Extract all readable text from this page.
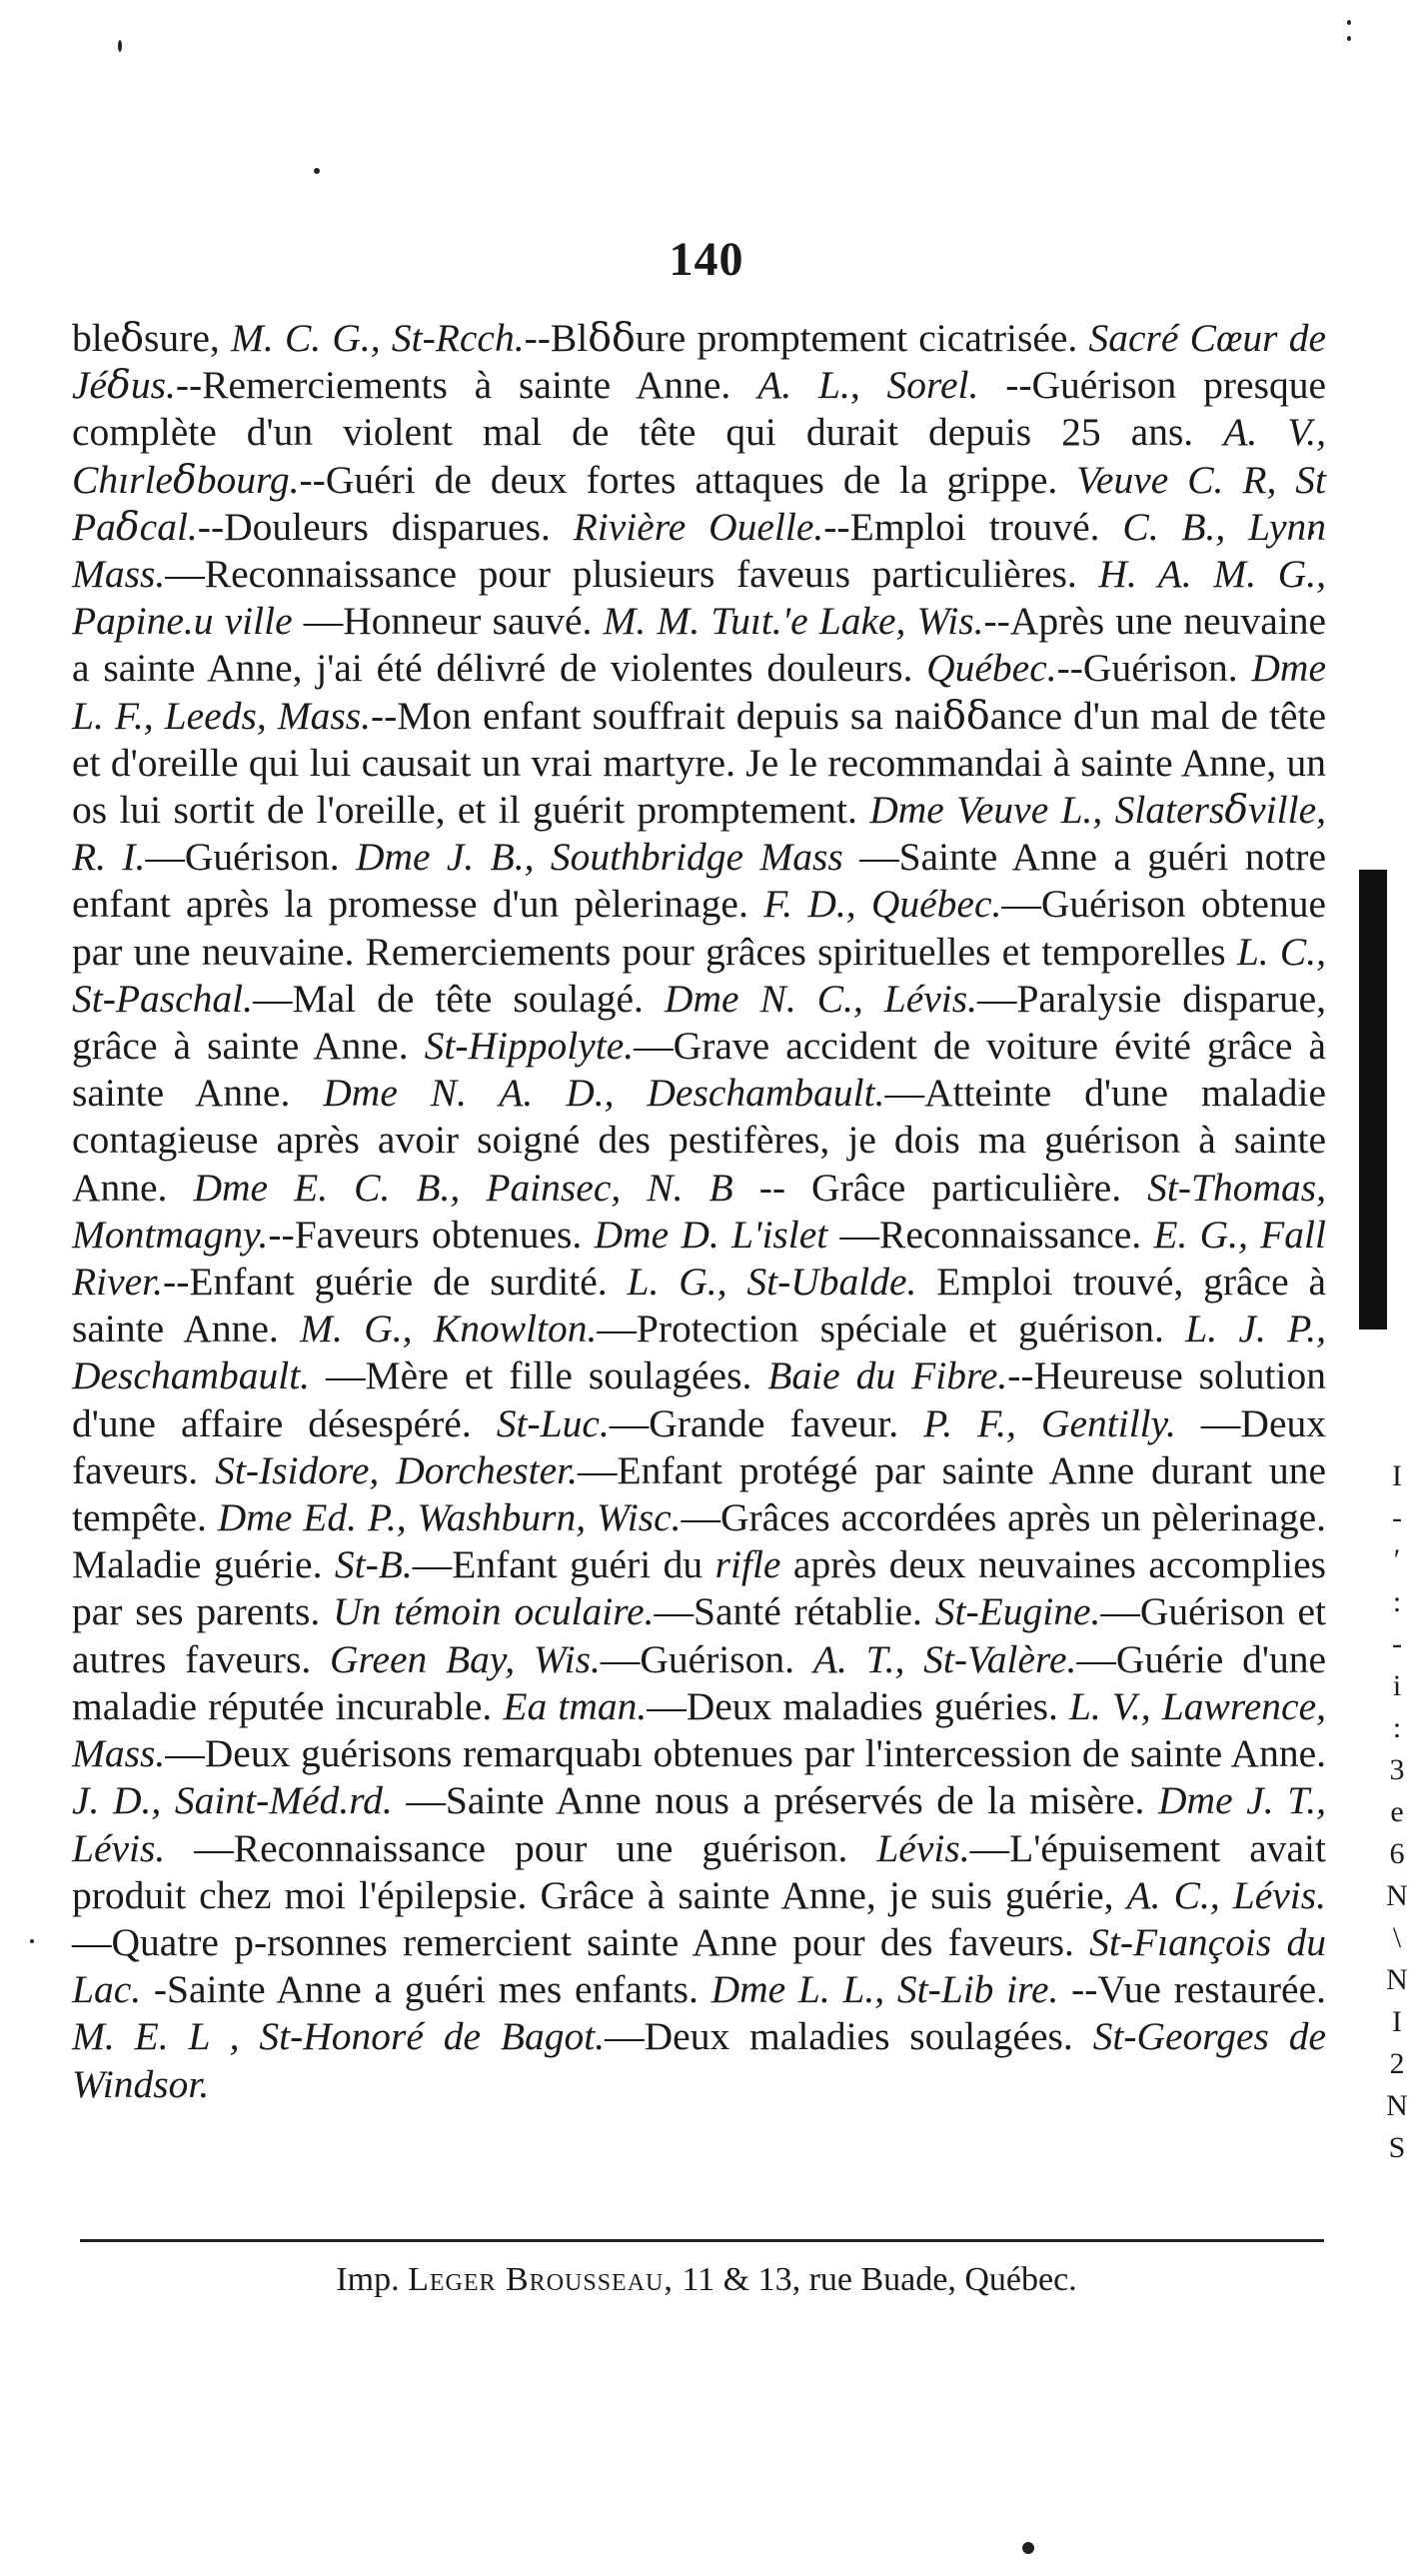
140

bleẟsure, M. C. G., St-Rcch.--Blẟẟure promptement cicatrisée. Sacré Cœur de Jéẟus.--Remerciements à sainte Anne. A. L., Sorel. --Guérison presque complète d'un violent mal de tête qui durait depuis 25 ans. A. V., Chırleẟbourg.--Guéri de deux fortes attaques de la grippe. Veuve C. R, St Paẟcal.--Douleurs disparues. Rivière Ouelle.--Emploi trouvé. C. B., Lynn Mass.—Reconnaissance pour plusieurs faveuıs particulières. H. A. M. G., Papine.u ville —Honneur sauvé. M. M. Tuıt.'e Lake, Wis.--Après une neuvaine a sainte Anne, j'ai été délivré de violentes douleurs. Québec.--Guérison. Dme L. F., Leeds, Mass.--Mon enfant souffrait depuis sa naiẟẟance d'un mal de tête et d'oreille qui lui causait un vrai martyre. Je le recommandai à sainte Anne, un os lui sortit de l'oreille, et il guérit promptement. Dme Veuve L., Slatersẟville, R. I.—Guérison. Dme J. B., Southbridge Mass —Sainte Anne a guéri notre enfant après la promesse d'un pèlerinage. F. D., Québec.—Guérison obtenue par une neuvaine. Remerciements pour grâces spirituelles et temporelles L. C., St-Paschal.—Mal de tête soulagé. Dme N. C., Lévis.—Paralysie disparue, grâce à sainte Anne. St-Hippolyte.—Grave accident de voiture évité grâce à sainte Anne. Dme N. A. D., Deschambault.—Atteinte d'une maladie contagieuse après avoir soigné des pestifères, je dois ma guérison à sainte Anne. Dme E. C. B., Painsec, N. B -- Grâce particulière. St-Thomas, Montmagny.--Faveurs obtenues. Dme D. L'islet —Reconnaissance. E. G., Fall River.--Enfant guérie de surdité. L. G., St-Ubalde. Emploi trouvé, grâce à sainte Anne. M. G., Knowlton.—Protection spéciale et guérison. L. J. P., Deschambault. —Mère et fille soulagées. Baie du Fibre.--Heureuse solution d'une affaire désespéré. St-Luc.—Grande faveur. P. F., Gentilly. —Deux faveurs. St-Isidore, Dorchester.—Enfant protégé par sainte Anne durant une tempête. Dme Ed. P., Washburn, Wisc.—Grâces accordées après un pèlerinage. Maladie guérie. St-B.—Enfant guéri du rifle après deux neuvaines accomplies par ses parents. Un témoin oculaire.—Santé rétablie. St-Eugine.—Guérison et autres faveurs. Green Bay, Wis.—Guérison. A. T., St-Valère.—Guérie d'une maladie réputée incurable. Ea tman.—Deux maladies guéries. L. V., Lawrence, Mass.—Deux guérisons remarquabı obtenues par l'intercession de sainte Anne. J. D., Saint-Méd.rd. —Sainte Anne nous a préservés de la misère. Dme J. T., Lévis. —Reconnaissance pour une guérison. Lévis.—L'épuisement avait produit chez moi l'épilepsie. Grâce à sainte Anne, je suis guérie, A. C., Lévis. —Quatre p-rsonnes remercient sainte Anne pour des faveurs. St-Fıançois du Lac. -Sainte Anne a guéri mes enfants. Dme L. L., St-Lib ire. --Vue restaurée. M. E. L , St-Honoré de Bagot.—Deux maladies soulagées. St-Georges de Windsor.

I
-
′
:
-
i
:
3
e
6
N
\
N
I
2
N
S
Imp. Leger Brousseau, 11 & 13, rue Buade, Québec.
